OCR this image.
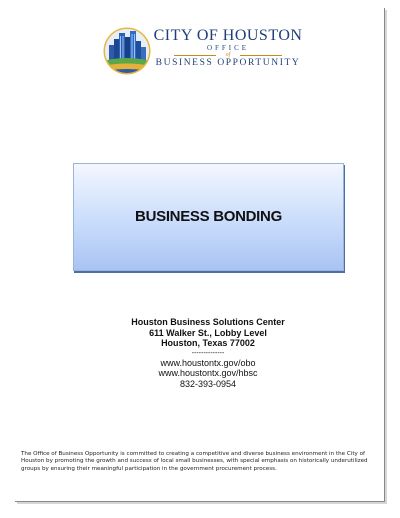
CITY OF HOUSTON
OFFICE
of
BUSINESS OPPORTUNITY
BUSINESS BONDING
Houston Business Solutions Center
611 Walker St., Lobby Level
Houston, Texas 77002
--------------
www.houstontx.gov/obo
www.houstontx.gov/hbsc
832-393-0954
The Office of Business Opportunity is committed to creating a competitive and diverse business environment in the City of Houston by promoting the growth and success of local small businesses, with special emphasis on historically underutilized groups by ensuring their meaningful participation in the government procurement process.
